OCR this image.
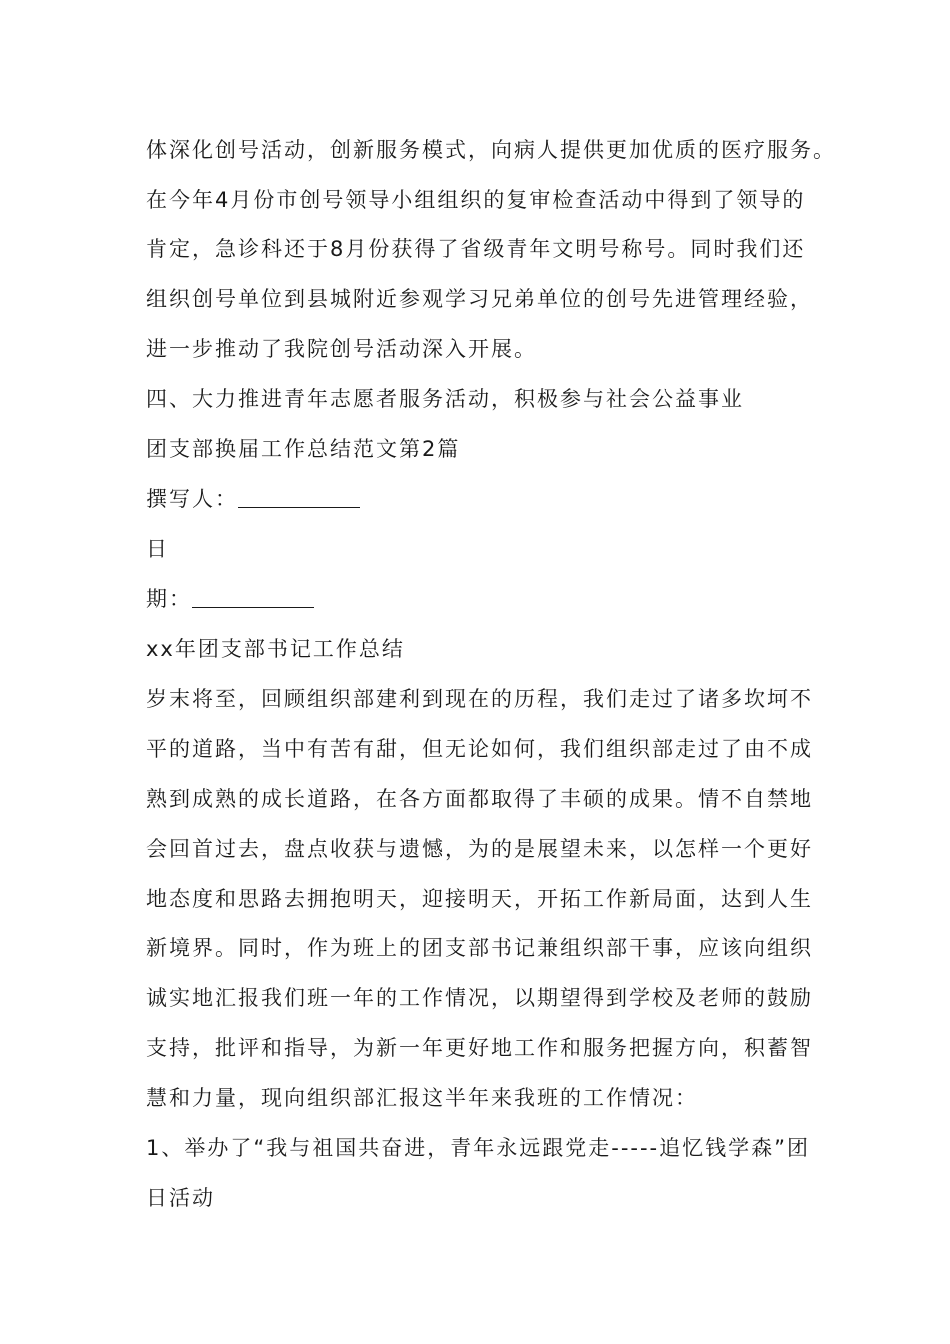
体深化创号活动，创新服务模式，向病人提供更加优质的医疗服务。
在今年4月份市创号领导小组组织的复审检查活动中得到了领导的
肯定，急诊科还于8月份获得了省级青年文明号称号。同时我们还
组织创号单位到县城附近参观学习兄弟单位的创号先进管理经验，
进一步推动了我院创号活动深入开展。
四、大力推进青年志愿者服务活动，积极参与社会公益事业
团支部换届工作总结范文第2篇
撰写人：
日
期：
xx年团支部书记工作总结
岁末将至，回顾组织部建利到现在的历程，我们走过了诸多坎坷不
平的道路，当中有苦有甜，但无论如何，我们组织部走过了由不成
熟到成熟的成长道路，在各方面都取得了丰硕的成果。情不自禁地
会回首过去，盘点收获与遗憾，为的是展望未来，以怎样一个更好
地态度和思路去拥抱明天，迎接明天，开拓工作新局面，达到人生
新境界。同时，作为班上的团支部书记兼组织部干事，应该向组织
诚实地汇报我们班一年的工作情况，以期望得到学校及老师的鼓励
支持，批评和指导，为新一年更好地工作和服务把握方向，积蓄智
慧和力量，现向组织部汇报这半年来我班的工作情况：
1、举办了“我与祖国共奋进，青年永远跟党走-----追忆钱学森”团
日活动
